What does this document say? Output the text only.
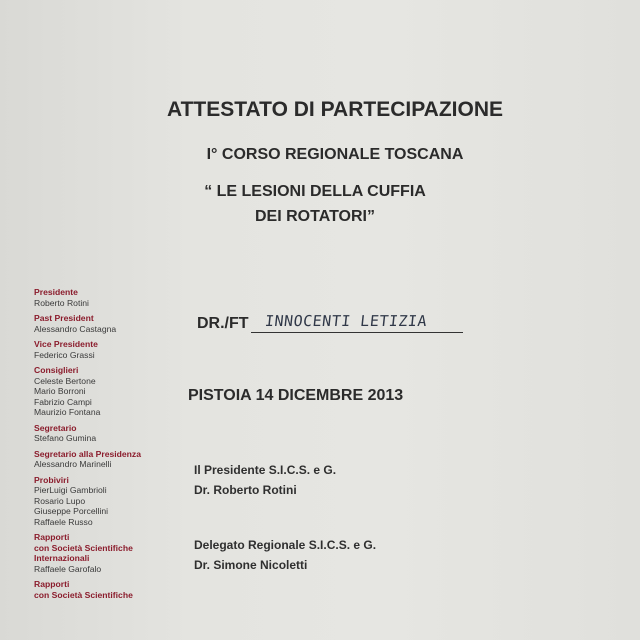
ATTESTATO DI PARTECIPAZIONE
I° CORSO REGIONALE TOSCANA
“ LE LESIONI DELLA CUFFIA
DEI ROTATORI”
Presidente
Roberto Rotini
Past President
Alessandro Castagna
Vice Presidente
Federico Grassi
Consiglieri
Celeste Bertone
Mario Borroni
Fabrizio Campi
Maurizio Fontana
Segretario
Stefano Gumina
Segretario alla Presidenza
Alessandro Marinelli
Probiviri
PierLuigi Gambrioli
Rosario Lupo
Giuseppe Porcellini
Raffaele Russo
Rapporti
con Società Scientifiche
Internazionali
Raffaele Garofalo
Rapporti
con Società Scientifiche
DR./FT INNOCENTI LETIZIA
PISTOIA 14 DICEMBRE 2013
Il Presidente S.I.C.S. e G.
Dr. Roberto Rotini
Delegato Regionale S.I.C.S. e G.
Dr. Simone Nicoletti
